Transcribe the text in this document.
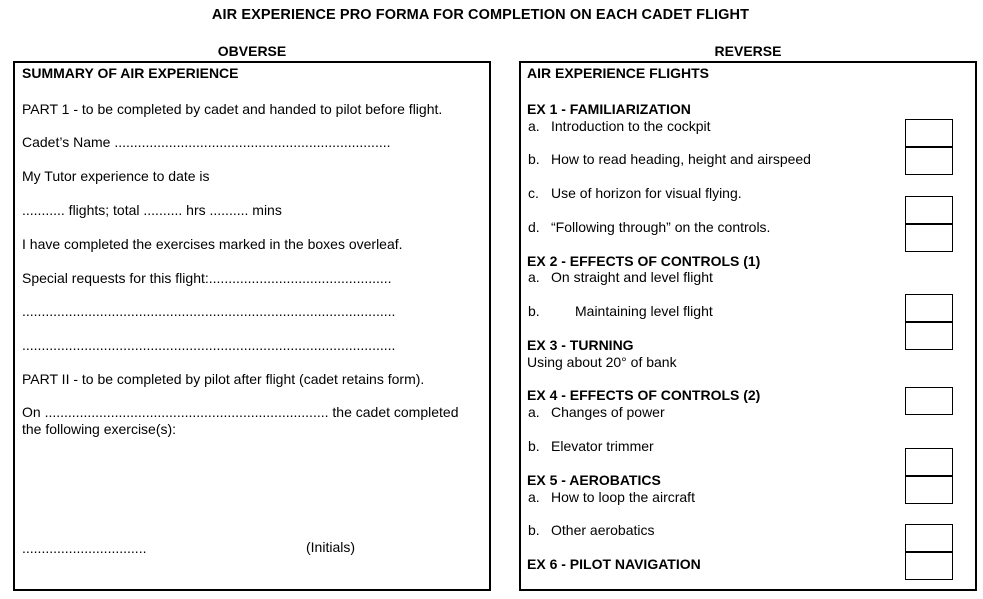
AIR EXPERIENCE PRO FORMA FOR COMPLETION ON EACH CADET FLIGHT
OBVERSE	REVERSE
SUMMARY OF AIR EXPERIENCE
PART 1 - to be completed by cadet and handed to pilot before flight.
Cadet’s Name .......................................................................
My Tutor experience to date is
........... flights; total .......... hrs .......... mins
I have completed the exercises marked in the boxes overleaf.
Special requests for this flight:...............................................
................................................................................................
................................................................................................
PART II - to be completed by pilot after flight (cadet retains form).
On ......................................................................... the cadet completed
the following exercise(s):
................................	(Initials)
AIR EXPERIENCE FLIGHTS
EX 1 - FAMILIARIZATION
a. Introduction to the cockpit
b. How to read heading, height and airspeed
c. Use of horizon for visual flying.
d. “Following through” on the controls.
EX 2 - EFFECTS OF CONTROLS (1)
a. On straight and level flight
b.	Maintaining level flight
EX 3 - TURNING
Using about 20° of bank
EX 4 - EFFECTS OF CONTROLS (2)
a. Changes of power
b. Elevator trimmer
EX 5 - AEROBATICS
a. How to loop the aircraft
b. Other aerobatics
EX 6 - PILOT NAVIGATION
